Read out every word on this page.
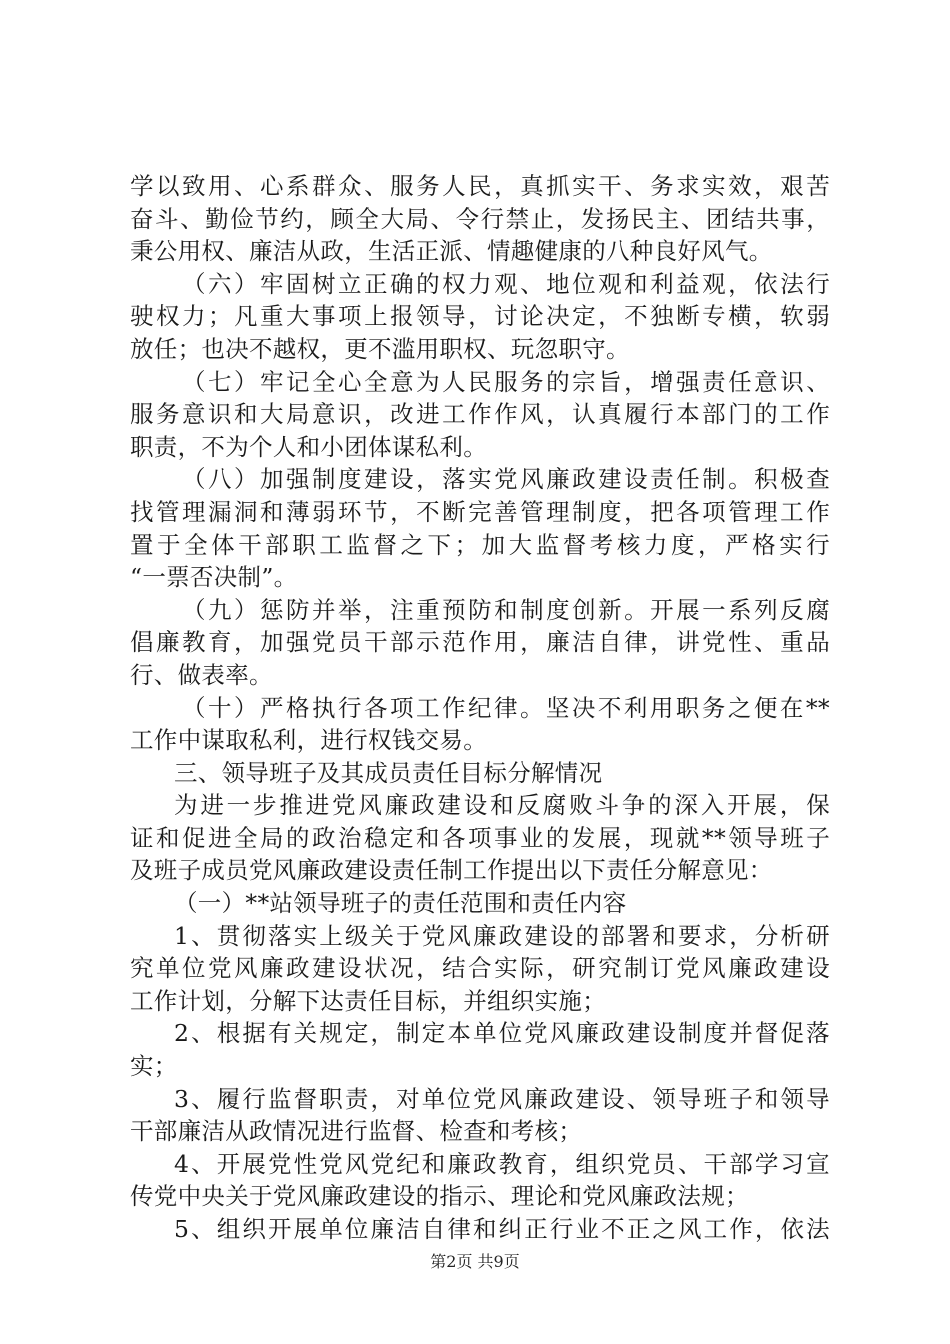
学以致用、心系群众、服务人民，真抓实干、务求实效，艰苦
奋斗、勤俭节约，顾全大局、令行禁止，发扬民主、团结共事，
秉公用权、廉洁从政，生活正派、情趣健康的八种良好风气。
（六）牢固树立正确的权力观、地位观和利益观，依法行
驶权力；凡重大事项上报领导，讨论决定，不独断专横，软弱
放任；也决不越权，更不滥用职权、玩忽职守。
（七）牢记全心全意为人民服务的宗旨，增强责任意识、
服务意识和大局意识，改进工作作风，认真履行本部门的工作
职责，不为个人和小团体谋私利。
（八）加强制度建设，落实党风廉政建设责任制。积极查
找管理漏洞和薄弱环节，不断完善管理制度，把各项管理工作
置于全体干部职工监督之下；加大监督考核力度，严格实行
“一票否决制”。
（九）惩防并举，注重预防和制度创新。开展一系列反腐
倡廉教育，加强党员干部示范作用，廉洁自律，讲党性、重品
行、做表率。
（十）严格执行各项工作纪律。坚决不利用职务之便在**
工作中谋取私利，进行权钱交易。
三、领导班子及其成员责任目标分解情况
为进一步推进党风廉政建设和反腐败斗争的深入开展，保
证和促进全局的政治稳定和各项事业的发展，现就**领导班子
及班子成员党风廉政建设责任制工作提出以下责任分解意见：
（一）**站领导班子的责任范围和责任内容
1、贯彻落实上级关于党风廉政建设的部署和要求，分析研
究单位党风廉政建设状况，结合实际，研究制订党风廉政建设
工作计划，分解下达责任目标，并组织实施；
2、根据有关规定，制定本单位党风廉政建设制度并督促落
实；
3、履行监督职责，对单位党风廉政建设、领导班子和领导
干部廉洁从政情况进行监督、检查和考核；
4、开展党性党风党纪和廉政教育，组织党员、干部学习宣
传党中央关于党风廉政建设的指示、理论和党风廉政法规；
5、组织开展单位廉洁自律和纠正行业不正之风工作，依法
第2页 共9页
